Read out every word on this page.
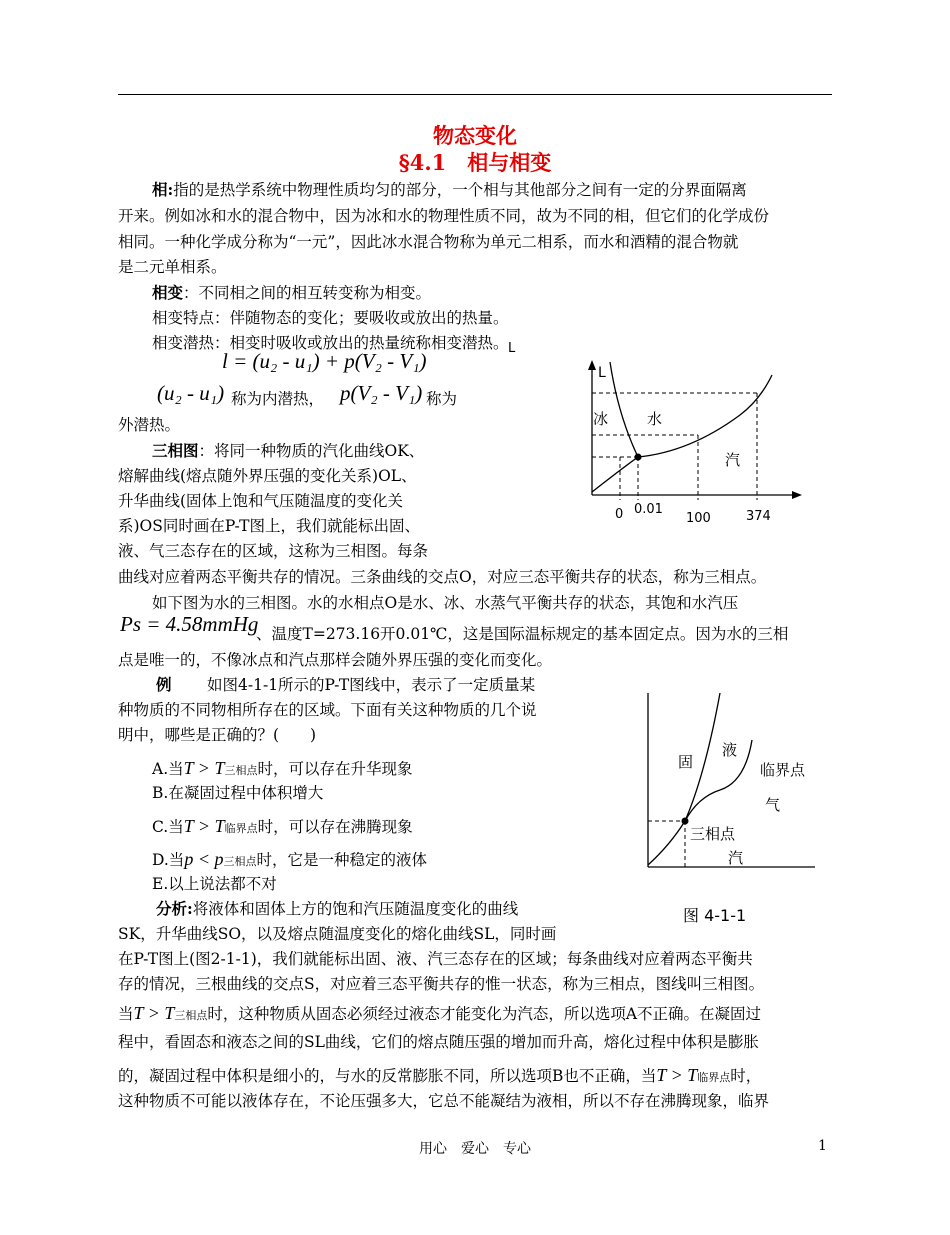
物态变化
§4.1　相与相变
相:指的是热学系统中物理性质均匀的部分，一个相与其他部分之间有一定的分界面隔离
开来。例如冰和水的混合物中，因为冰和水的物理性质不同，故为不同的相，但它们的化学成份
相同。一种化学成分称为“一元”，因此冰水混合物称为单元二相系，而水和酒精的混合物就
是二元单相系。
相变：不同相之间的相互转变称为相变。
相变特点：伴随物态的变化；要吸收或放出的热量。
相变潜热：相变时吸收或放出的热量统称相变潜热。
l = (u₂ - u₁) + p(V₂ - V₁)
(u₂ - u₁) 称为内潜热， p(V₂ - V₁) 称为
外潜热。
三相图：将同一种物质的汽化曲线OK、
熔解曲线(熔点随外界压强的变化关系)OL、
升华曲线(固体上饱和气压随温度的变化关
系)OS同时画在P-T图上，我们就能标出固、
液、气三态存在的区域，这称为三相图。每条
曲线对应着两态平衡共存的情况。三条曲线的交点O，对应三态平衡共存的状态，称为三相点。
L
L
冰	水
汽
0 0.01
100	374
如下图为水的三相图。水的水相点O是水、冰、水蒸气平衡共存的状态，其饱和水汽压
Ps = 4.58mmHg
、温度T=273.16开0.01℃，这是国际温标规定的基本固定点。因为水的三相
点是唯一的，不像冰点和汽点那样会随外界压强的变化而变化。
例 如图4-1-1所示的P-T图线中，表示了一定质量某
种物质的不同物相所存在的区域。下面有关这种物质的几个说
明中，哪些是正确的？(　　)
A.当T > T三相点时，可以存在升华现象
B.在凝固过程中体积增大
C.当T > T临界点时，可以存在沸腾现象
D.当p < p三相点时，它是一种稳定的液体
E.以上说法都不对
固
液
临界点
气
三相点
汽
图 4-1-1
分析:将液体和固体上方的饱和汽压随温度变化的曲线
SK，升华曲线SO，以及熔点随温度变化的熔化曲线SL，同时画
在P-T图上(图2-1-1)，我们就能标出固、液、汽三态存在的区域；每条曲线对应着两态平衡共
存的情况，三根曲线的交点S，对应着三态平衡共存的惟一状态，称为三相点，图线叫三相图。
当T > T三相点时，这种物质从固态必须经过液态才能变化为汽态，所以选项A不正确。在凝固过
程中，看固态和液态之间的SL曲线，它们的熔点随压强的增加而升高，熔化过程中体积是膨胀
的，凝固过程中体积是细小的，与水的反常膨胀不同，所以选项B也不正确，当T > T临界点时，
这种物质不可能以液体存在，不论压强多大，它总不能凝结为液相，所以不存在沸腾现象，临界
用心　爱心　专心	1
